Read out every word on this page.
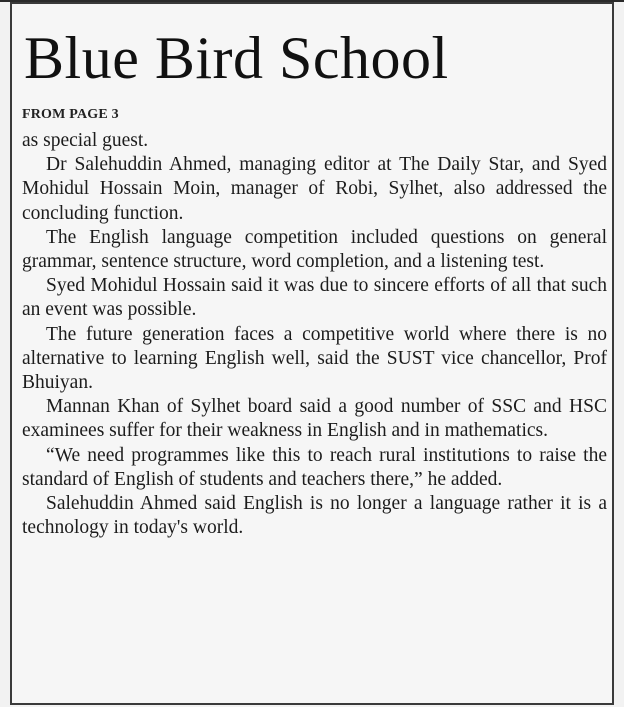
Blue Bird School
FROM PAGE 3

as special guest.

Dr Salehuddin Ahmed, managing editor at The Daily Star, and Syed Mohidul Hossain Moin, manager of Robi, Sylhet, also addressed the concluding function.

The English language competition included questions on general grammar, sentence structure, word completion, and a listening test.

Syed Mohidul Hossain said it was due to sincere efforts of all that such an event was possible.

The future generation faces a competitive world where there is no alternative to learning English well, said the SUST vice chancellor, Prof Bhuiyan.

Mannan Khan of Sylhet board said a good number of SSC and HSC examinees suffer for their weakness in English and in mathematics.

“We need programmes like this to reach rural institutions to raise the standard of English of students and teachers there,” he added.

Salehuddin Ahmed said English is no longer a language rather it is a technology in today's world.
